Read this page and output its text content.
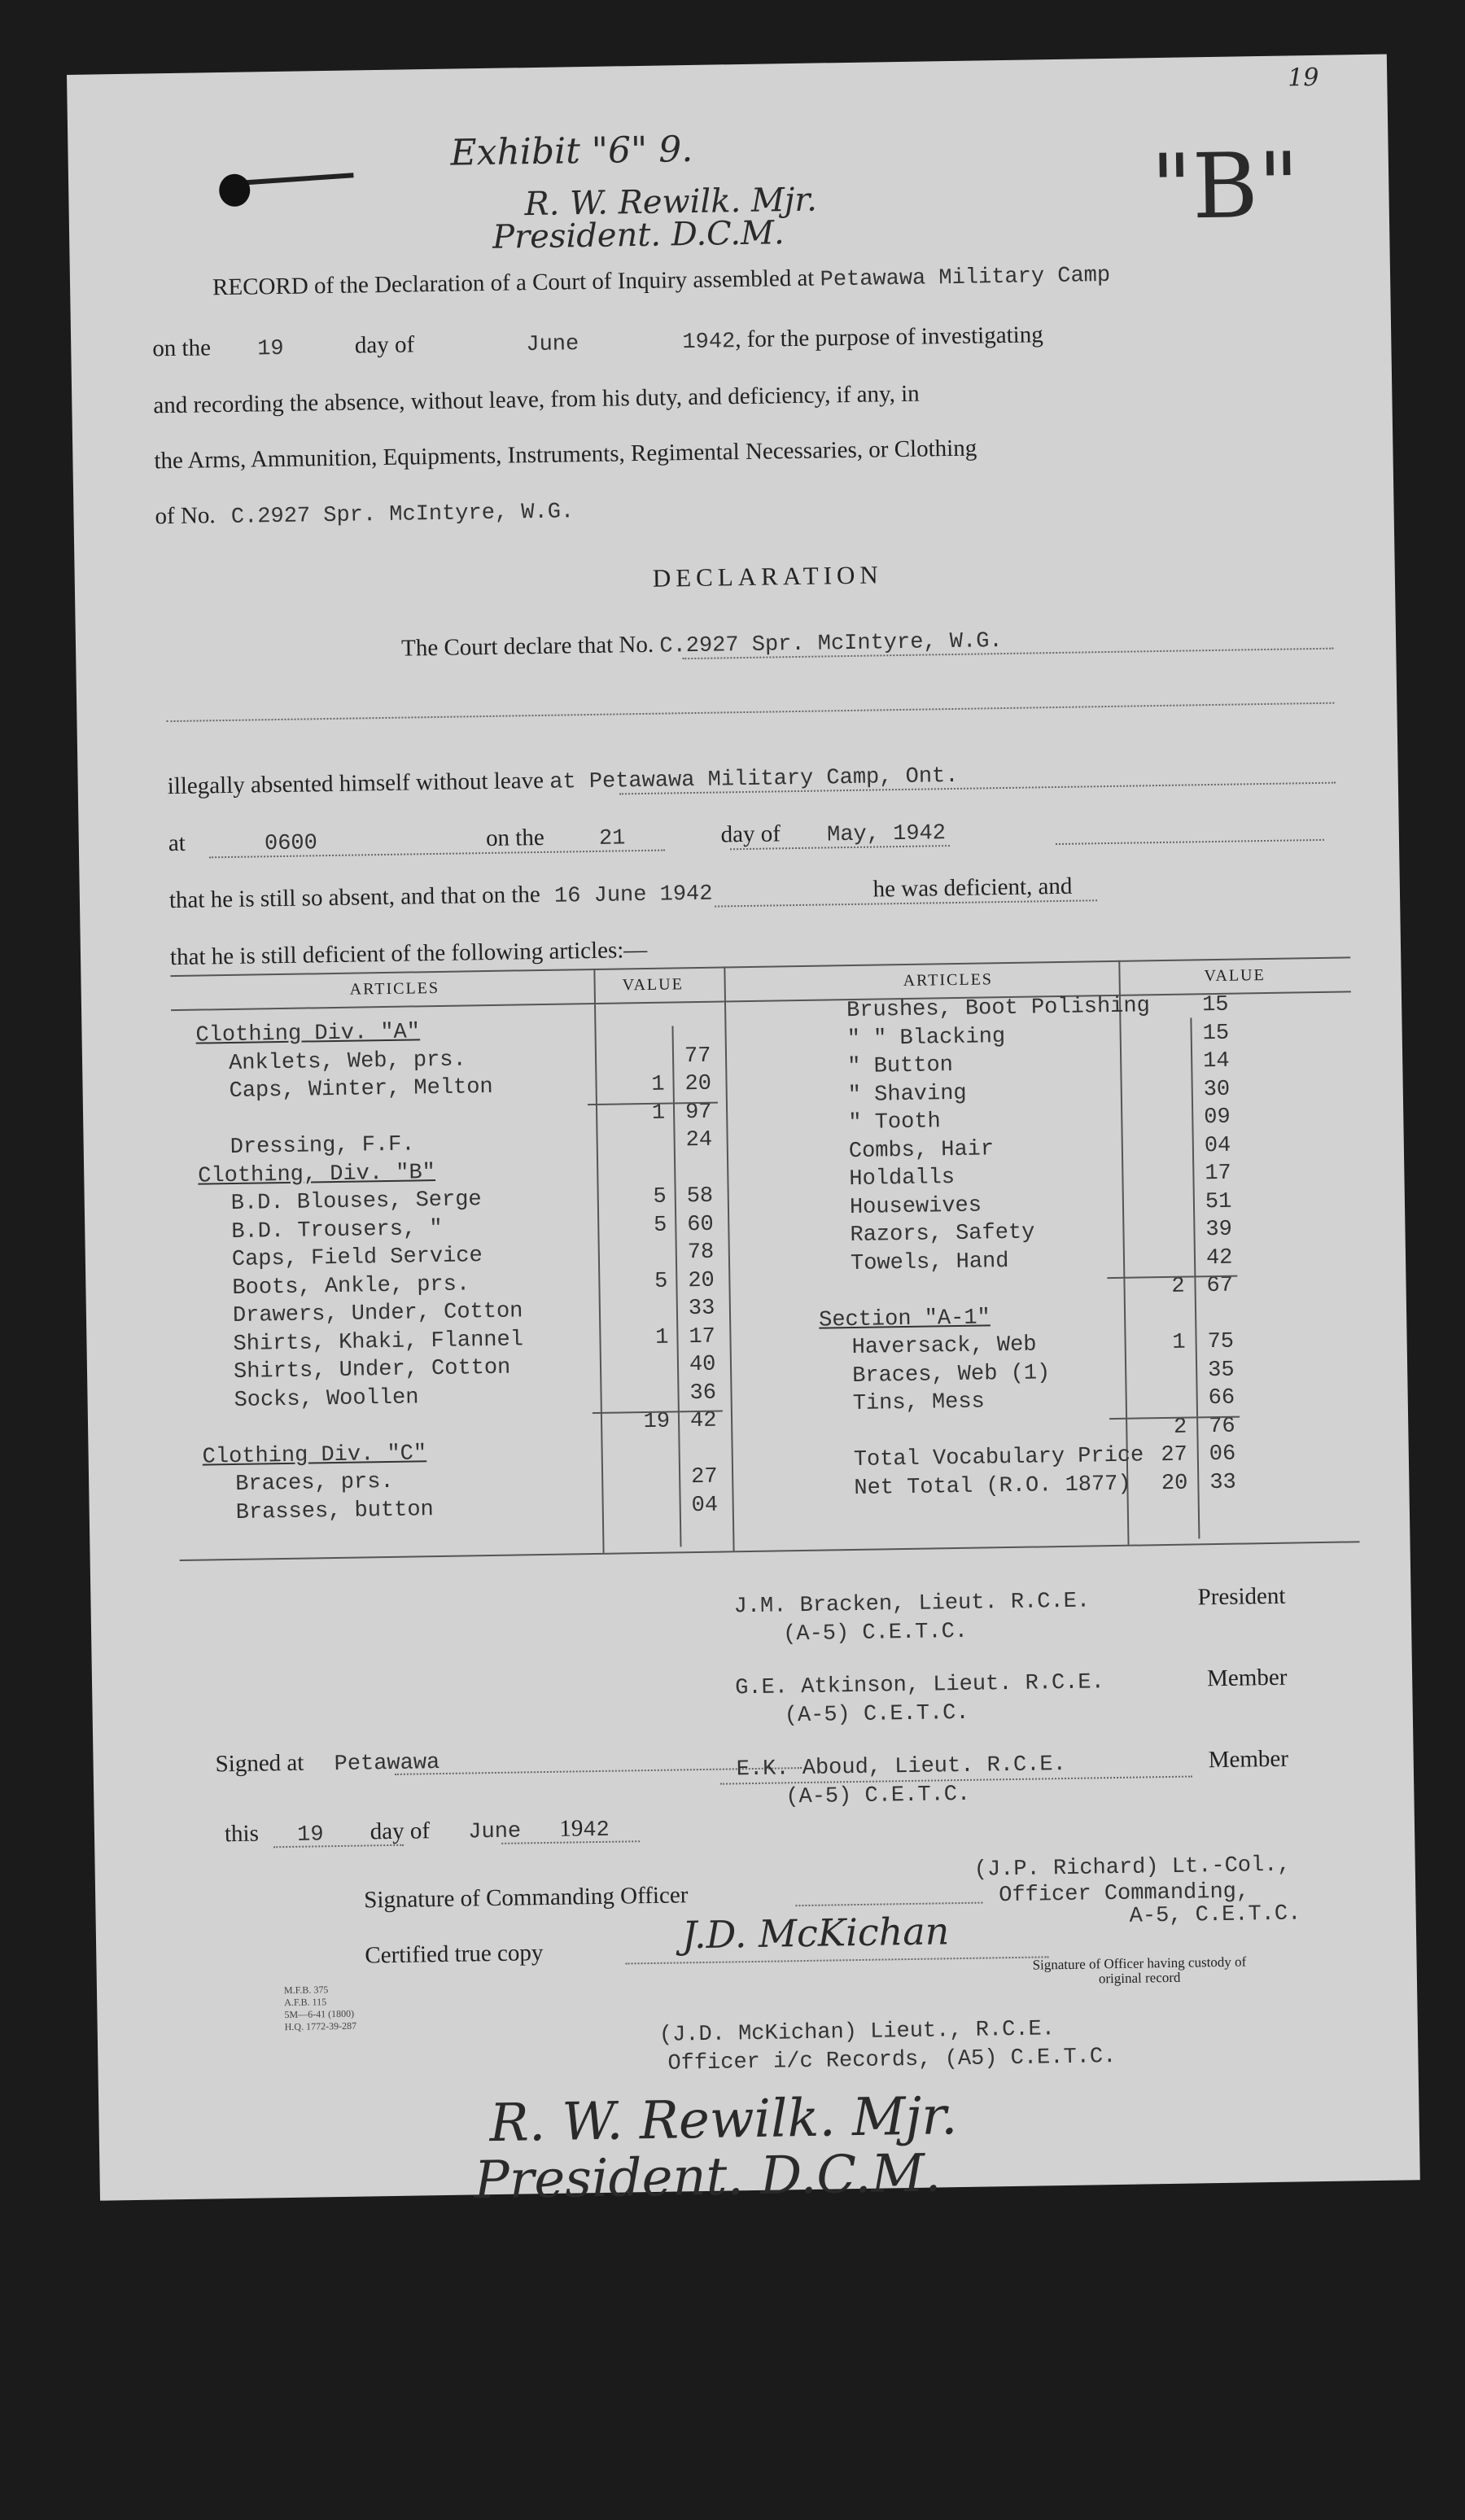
Exhibit "6" 9.	"B"
19
R. W. Rewilk. Mjr.
President. D.C.M.
RECORD of the Declaration of a Court of Inquiry assembled at Petawawa Military Camp
on the 19	day of	June	1942, for the purpose of investigating
and recording the absence, without leave, from his duty, and deficiency, if any, in
the Arms, Ammunition, Equipments, Instruments, Regimental Necessaries, or Clothing
of No. C.2927 Spr. McIntyre, W.G.
DECLARATION
The Court declare that No. C.2927 Spr. McIntyre, W.G.
illegally absented himself without leave at Petawawa Military Camp, Ont.
at	0600	on the 21	day of May, 1942
that he is still so absent, and that on the 16 June 1942	he was deficient, and
that he is still deficient of the following articles:—
ARTICLES	VALUE	ARTICLES	VALUE
Clothing Div. "A"
Anklets, Web, prs.	77
Caps, Winter, Melton	1 20
1 97
Dressing, F.F.	24
Clothing, Div. "B"
B.D. Blouses, Serge	5 58
B.D. Trousers, "	5 60
Caps, Field Service	78
Boots, Ankle, prs.	5 20
Drawers, Under, Cotton	33
Shirts, Khaki, Flannel	1 17
Shirts, Under, Cotton	40
Socks, Woollen	36
19 42
Clothing Div. "C"
Braces, prs.	27
Brasses, button	04
Brushes, Boot Polishing 15
" " Blacking	15
" Button	14
" Shaving	30
" Tooth	09
Combs, Hair	04
Holdalls	17
Housewives	51
Razors, Safety	39
Towels, Hand	42
2 67
Section "A-1"
Haversack, Web	1 75
Braces, Web (1)	35
Tins, Mess	66
2 76
Total Vocabulary Price 27 06
Net Total (R.O. 1877)	20 33
J.M. Bracken, Lieut. R.C.E.	President
(A-5) C.E.T.C.
G.E. Atkinson, Lieut. R.C.E.	Member
(A-5) C.E.T.C.
Signed at Petawawa	E.K. Aboud, Lieut. R.C.E.	Member
(A-5) C.E.T.C.
this 19 day of June 1942
Signature of Commanding Officer
(J.P. Richard) Lt.-Col.,
Officer Commanding,
A-5, C.E.T.C.
Certified true copy	J.D. McKichan
Signature of Officer having custody of
original record
M.F.B. 375
A.F.B. 115
5M—6-41 (1800)
H.Q. 1772-39-287	(J.D. McKichan) Lieut., R.C.E.
Officer i/c Records, (A5) C.E.T.C.
R. W. Rewilk. Mjr.
President. D.C.M.
